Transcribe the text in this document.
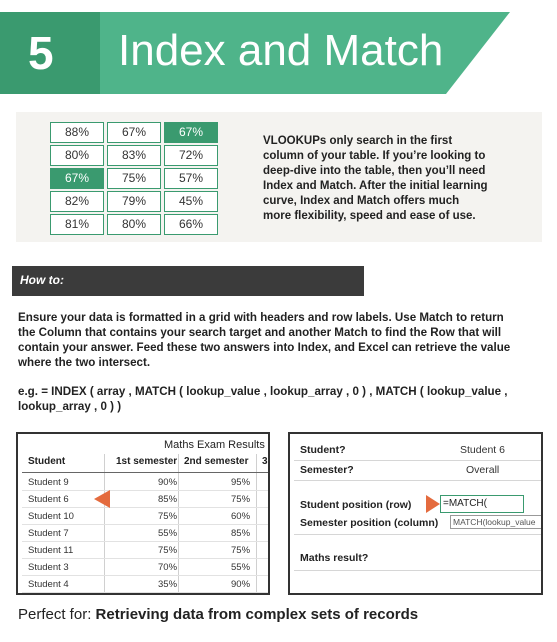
5 Index and Match
88%	67%	67%
80%	83%	72%
67%	75%	57%
82%	79%	45%
81%	80%	66%
VLOOKUPs only search in the first
column of your table. If you’re looking to
deep-dive into the table, then you’ll need
Index and Match. After the initial learning
curve, Index and Match offers much
more flexibility, speed and ease of use.
How to:
Ensure your data is formatted in a grid with headers and row labels. Use Match to return
the Column that contains your search target and another Match to find the Row that will
contain your answer. Feed these two answers into Index, and Excel can retrieve the value
where the two intersect.
e.g. = INDEX ( array , MATCH ( lookup_value , lookup_array , 0 ) , MATCH ( lookup_value ,
lookup_array , 0 ) )
Maths Exam Results
Student	1st semester 2nd semester 3
Student 9	90%	95%
Student 6	85%	75%
Student 10	75%	60%
Student 7	55%	85%
Student 11	75%	75%
Student 3	70%	55%
Student 4	35%	90%
Student?	Student 6
Semester?	Overall
Student position (row)	=MATCH(
Semester position (column)	MATCH(lookup_value
Maths result?
Perfect for: Retrieving data from complex sets of records
